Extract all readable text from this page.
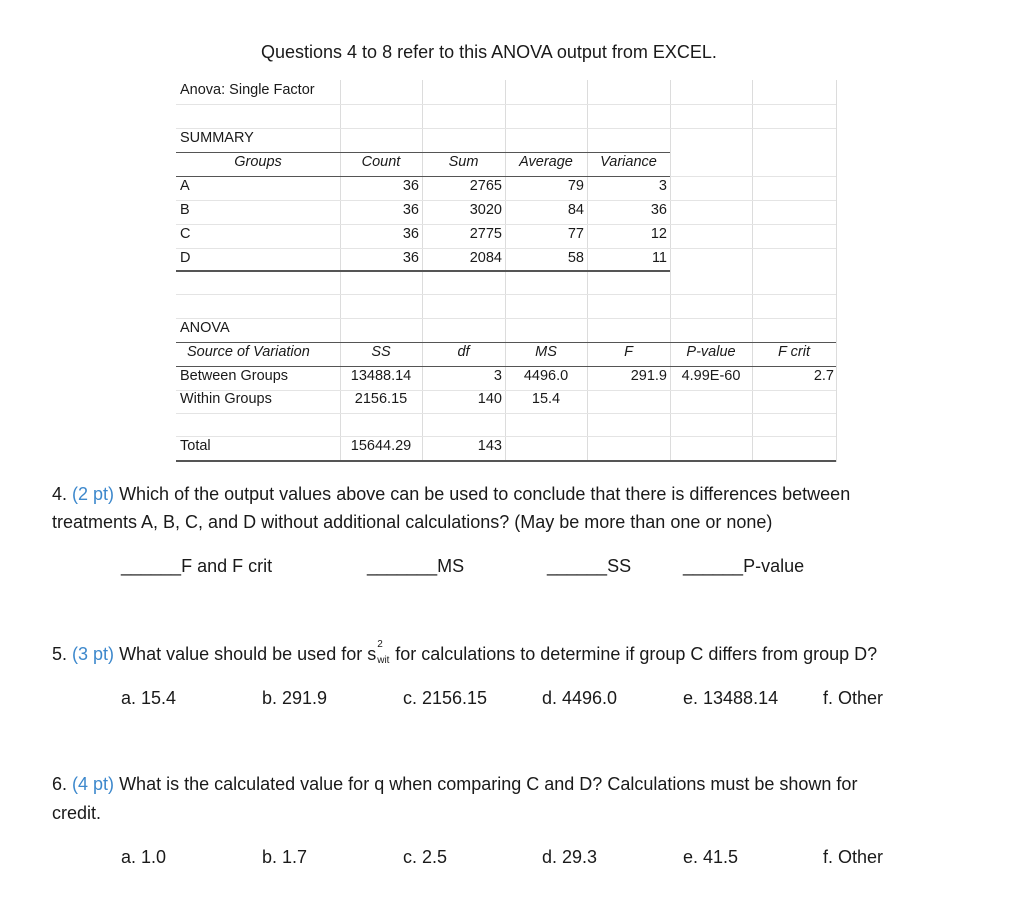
Questions 4 to 8 refer to this ANOVA output from EXCEL.
Anova: Single Factor
SUMMARY
Groups	Count	Sum	Average	Variance
A	36	2765	79	3
B	36	3020	84	36
C	36	2775	77	12
D	36	2084	58	11
ANOVA
Source of Variation	SS	df	MS	F	P-value	F crit
Between Groups	13488.14	3	4496.0	291.9	4.99E-60	2.7
Within Groups	2156.15	140	15.4
Total	15644.29	143
4. (2 pt) Which of the output values above can be used to conclude that there is differences between
treatments A, B, C, and D without additional calculations? (May be more than one or none)
______F and F crit	_______MS	______SS	______P-value
5. (3 pt) What value should be used for s 2
wit for calculations to determine if group C differs from group D?
a. 15.4	b. 291.9	c. 2156.15	d. 4496.0	e. 13488.14 f. Other
6. (4 pt) What is the calculated value for q when comparing C and D? Calculations must be shown for
credit.
a. 1.0	b. 1.7	c. 2.5	d. 29.3	e. 41.5	f. Other
